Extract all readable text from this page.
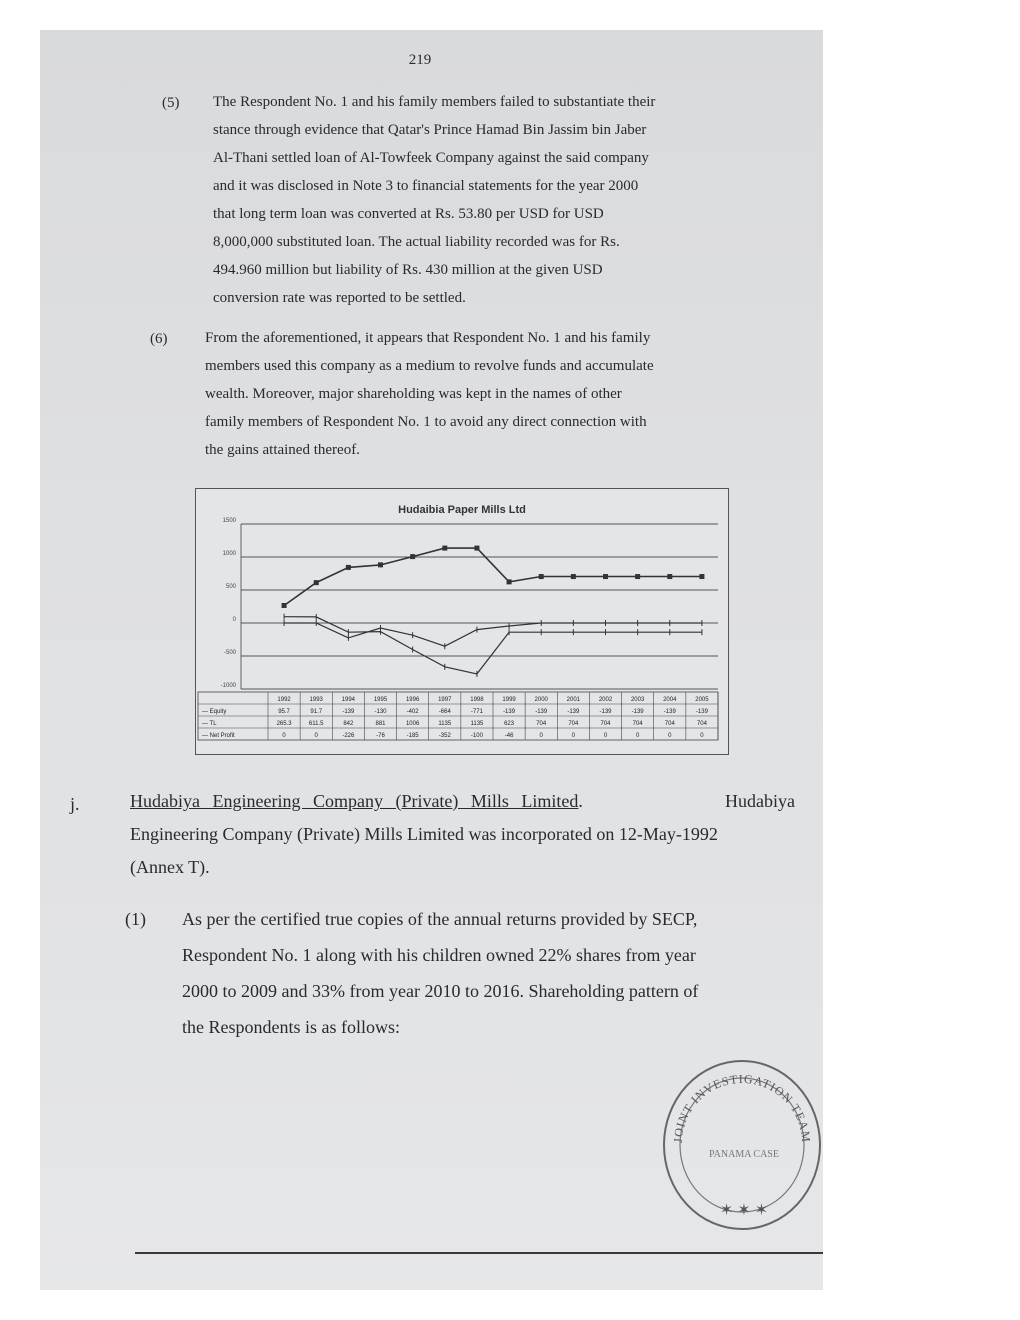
219
(5) The Respondent No. 1 and his family members failed to substantiate their
stance through evidence that Qatar's Prince Hamad Bin Jassim bin Jaber
Al-Thani settled loan of Al-Towfeek Company against the said company
and it was disclosed in Note 3 to financial statements for the year 2000
that long term loan was converted at Rs. 53.80 per USD for USD
8,000,000 substituted loan. The actual liability recorded was for Rs.
494.960 million but liability of Rs. 430 million at the given USD
conversion rate was reported to be settled.
(6)	From the aforementioned, it appears that Respondent No. 1 and his family
members used this company as a medium to revolve funds and accumulate
wealth. Moreover, major shareholding was kept in the names of other
family members of Respondent No. 1 to avoid any direct connection with
the gains attained thereof.
Hudaibia Paper Mills Ltd
1500
1000
500
0
-500
-1000
1992	1993	1994	1995	1996	1997	1998	1999	2000	2001	2002	2003	2004	2005
— Equity	95.7	91.7	-139	-130	-402	-664	-771	-139	-139	-139	-139	-139	-139	-139
— TL	265.3	611.5	842	881	1006	1135	1135	623	704	704	704	704	704	704
— Net Profit	0	0	-226	-76	-185	-352	-100	-46	0	0	0	0	0	0
j.	Hudabiya Engineering Company (Private) Mills Limited.	Hudabiya
Engineering Company (Private) Mills Limited was incorporated on 12-May-1992
(Annex T).
(1) As per the certified true copies of the annual returns provided by SECP,
Respondent No. 1 along with his children owned 22% shares from year
2000 to 2009 and 33% from year 2010 to 2016. Shareholding pattern of
the Respondents is as follows:
JOINT INVESTIGATION TEAM
PANAMA CASE
✶ ✶ ✶
